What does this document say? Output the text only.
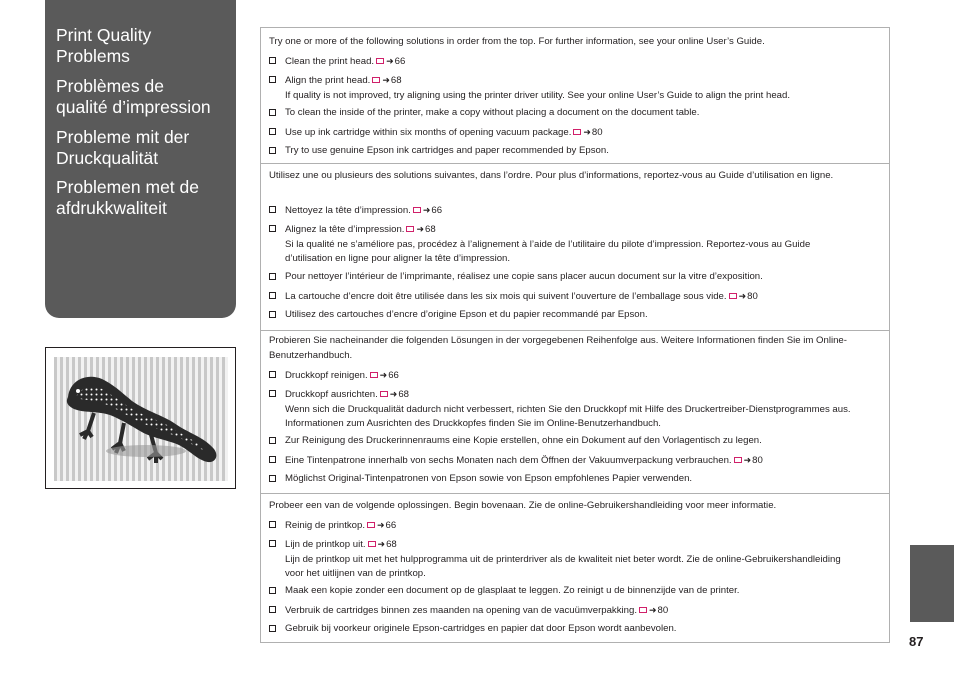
Print Quality
Problems
Problèmes de
qualité d’impression
Probleme mit der
Druckqualität
Problemen met de
afdrukkwaliteit
Try one or more of the following solutions in order from the top. For further information, see your online User’s Guide.
Clean the print head. ➜66
Align the print head. ➜68
If quality is not improved, try aligning using the printer driver utility. See your online User’s Guide to align the print head.
To clean the inside of the printer, make a copy without placing a document on the document table.
Use up ink cartridge within six months of opening vacuum package. ➜80
Try to use genuine Epson ink cartridges and paper recommended by Epson.
Utilisez une ou plusieurs des solutions suivantes, dans l’ordre. Pour plus d’informations, reportez-vous au Guide d’utilisation en ligne.
Nettoyez la tête d’impression. ➜66
Alignez la tête d’impression. ➜68
Si la qualité ne s’améliore pas, procédez à l’alignement à l’aide de l’utilitaire du pilote d’impression. Reportez-vous au Guide d’utilisation en ligne pour aligner la tête d’impression.
Pour nettoyer l’intérieur de l’imprimante, réalisez une copie sans placer aucun document sur la vitre d’exposition.
La cartouche d’encre doit être utilisée dans les six mois qui suivent l’ouverture de l’emballage sous vide. ➜80
Utilisez des cartouches d’encre d’origine Epson et du papier recommandé par Epson.
Probieren Sie nacheinander die folgenden Lösungen in der vorgegebenen Reihenfolge aus. Weitere Informationen finden Sie im Online-Benutzerhandbuch.
Druckkopf reinigen. ➜66
Druckkopf ausrichten. ➜68
Wenn sich die Druckqualität dadurch nicht verbessert, richten Sie den Druckkopf mit Hilfe des Druckertreiber-Dienstprogrammes aus. Informationen zum Ausrichten des Druckkopfes finden Sie im Online-Benutzerhandbuch.
Zur Reinigung des Druckerinnenraums eine Kopie erstellen, ohne ein Dokument auf den Vorlagentisch zu legen.
Eine Tintenpatrone innerhalb von sechs Monaten nach dem Öffnen der Vakuumverpackung verbrauchen. ➜80
Möglichst Original-Tintenpatronen von Epson sowie von Epson empfohlenes Papier verwenden.
Probeer een van de volgende oplossingen. Begin bovenaan. Zie de online-Gebruikershandleiding voor meer informatie.
Reinig de printkop. ➜66
Lijn de printkop uit. ➜68
Lijn de printkop uit met het hulpprogramma uit de printerdriver als de kwaliteit niet beter wordt. Zie de online-Gebruikershandleiding voor het uitlijnen van de printkop.
Maak een kopie zonder een document op de glasplaat te leggen. Zo reinigt u de binnenzijde van de printer.
Verbruik de cartridges binnen zes maanden na opening van de vacuümverpakking. ➜80
Gebruik bij voorkeur originele Epson-cartridges en papier dat door Epson wordt aanbevolen.
87
